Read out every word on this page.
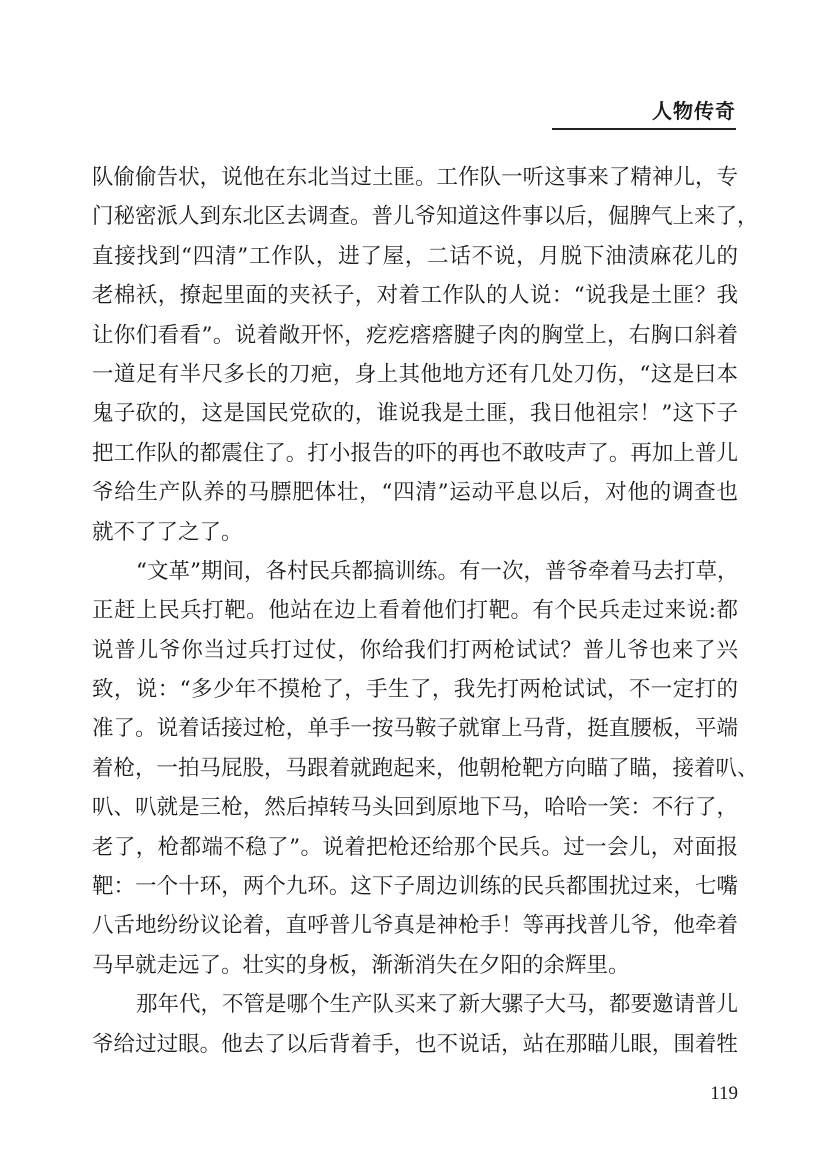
人物传奇
队偷偷告状，说他在东北当过土匪。工作队一听这事来了精神儿，专
门秘密派人到东北区去调查。普儿爷知道这件事以后，倔脾气上来了，
直接找到“四清”工作队，进了屋，二话不说，月脱下油渍麻花儿的
老棉袄，撩起里面的夹袄子，对着工作队的人说：“说我是土匪？我
让你们看看”。说着敞开怀，疙疙瘩瘩腱子肉的胸堂上，右胸口斜着
一道足有半尺多长的刀疤，身上其他地方还有几处刀伤，“这是曰本
鬼子砍的，这是国民党砍的，谁说我是土匪，我日他祖宗！”这下子
把工作队的都震住了。打小报告的吓的再也不敢吱声了。再加上普儿
爷给生产队养的马膘肥体壮，“四清”运动平息以后，对他的调查也
就不了了之了。
“文革”期间，各村民兵都搞训练。有一次，普爷牵着马去打草，
正赶上民兵打靶。他站在边上看着他们打靶。有个民兵走过来说:都
说普儿爷你当过兵打过仗，你给我们打两枪试试？普儿爷也来了兴
致，说：“多少年不摸枪了，手生了，我先打两枪试试，不一定打的
准了。说着话接过枪，单手一按马鞍子就窜上马背，挺直腰板，平端
着枪，一拍马屁股，马跟着就跑起来，他朝枪靶方向瞄了瞄，接着叭、
叭、叭就是三枪，然后掉转马头回到原地下马，哈哈一笑：不行了，
老了，枪都端不稳了”。说着把枪还给那个民兵。过一会儿，对面报
靶：一个十环，两个九环。这下子周边训练的民兵都围扰过来，七嘴
八舌地纷纷议论着，直呼普儿爷真是神枪手！等再找普儿爷，他牵着
马早就走远了。壮实的身板，渐渐消失在夕阳的余辉里。
那年代，不管是哪个生产队买来了新大骡子大马，都要邀请普儿
爷给过过眼。他去了以后背着手，也不说话，站在那瞄儿眼，围着牲
119
